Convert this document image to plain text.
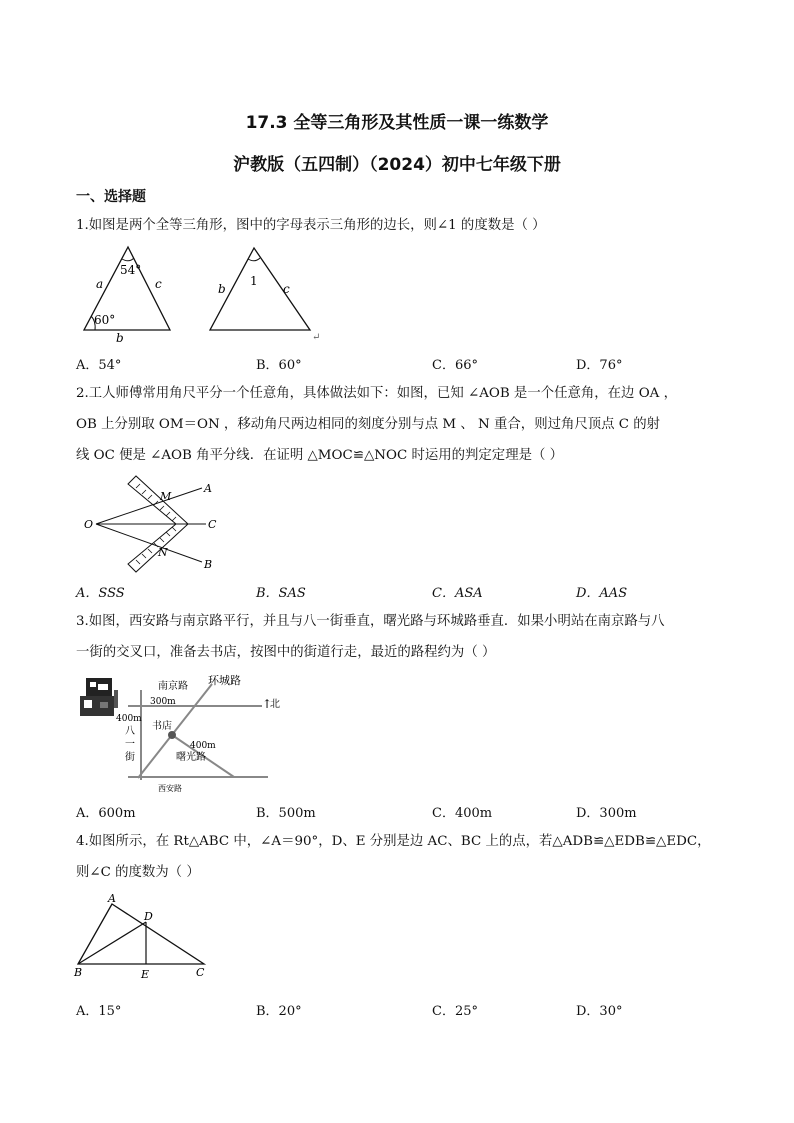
17.3 全等三角形及其性质一课一练数学
沪教版（五四制）（2024）初中七年级下册
一、选择题

1.如图是两个全等三角形，图中的字母表示三角形的边长，则∠1 的度数是（ ）

54°
60°
a	c
b
1
b	c
↵
A．54°	B．60°	C．66°	D．76°

2.工人师傅常用角尺平分一个任意角，具体做法如下：如图，已知 ∠AOB 是一个任意角，在边 OA ，

OB 上分别取 OM＝ON ，移动角尺两边相同的刻度分别与点 M 、 N 重合，则过角尺顶点 C 的射

线 OC 便是 ∠AOB 角平分线．在证明 △MOC≌△NOC 时运用的判定定理是（ ）

O
M
A
C
N
B
A．SSS	B．SAS	C．ASA	D．AAS

3.如图，西安路与南京路平行，并且与八一街垂直，曙光路与环城路垂直．如果小明站在南京路与八

一街的交叉口，准备去书店，按图中的街道行走，最近的路程约为（ ）

南京路 环城路
↑
北
300m
400m
八
一
街
书店
400m
曙光路
西安路
A．600m	B．500m	C．400m	D．300m

4.如图所示，在 Rt△ABC 中，∠A＝90°，D、E 分别是边 AC、BC 上的点，若△ADB≌△EDB≌△EDC，

则∠C 的度数为（ ）

A
D
B	E	C
A．15°	B．20°	C．25°	D．30°
